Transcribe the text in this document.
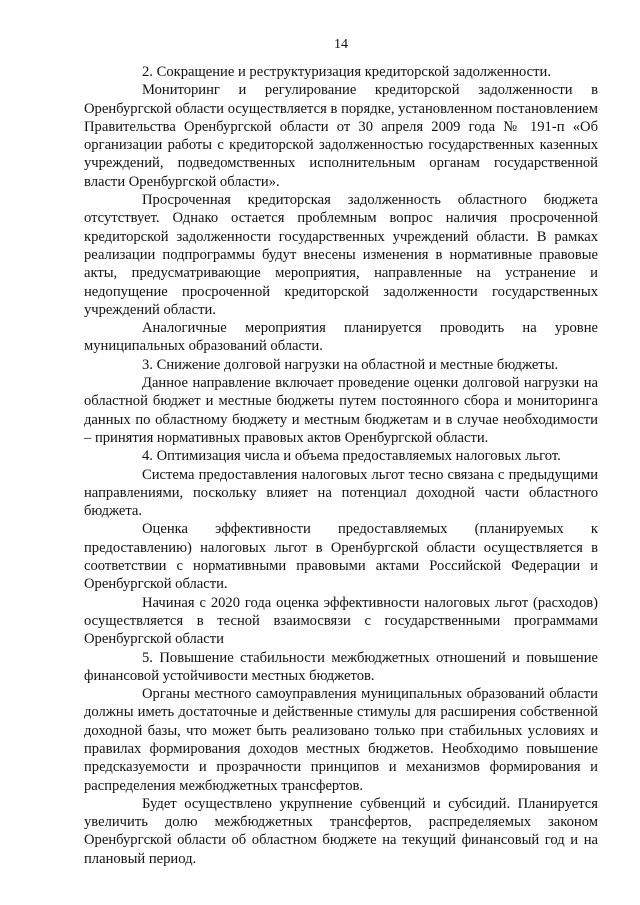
14

2. Сокращение и реструктуризация кредиторской задолженности.

Мониторинг и регулирование кредиторской задолженности в Оренбургской области осуществляется в порядке, установленном постановлением Правительства Оренбургской области от 30 апреля 2009 года № 191-п «Об организации работы с кредиторской задолженностью государственных казенных учреждений, подведомственных исполнительным органам государственной власти Оренбургской области».

Просроченная кредиторская задолженность областного бюджета отсутствует. Однако остается проблемным вопрос наличия просроченной кредиторской задолженности государственных учреждений области. В рамках реализации подпрограммы будут внесены изменения в нормативные правовые акты, предусматривающие мероприятия, направленные на устранение и недопущение просроченной кредиторской задолженности государственных учреждений области.

Аналогичные мероприятия планируется проводить на уровне муниципальных образований области.

3. Снижение долговой нагрузки на областной и местные бюджеты.

Данное направление включает проведение оценки долговой нагрузки на областной бюджет и местные бюджеты путем постоянного сбора и мониторинга данных по областному бюджету и местным бюджетам и в случае необходимости – принятия нормативных правовых актов Оренбургской области.

4. Оптимизация числа и объема предоставляемых налоговых льгот.

Система предоставления налоговых льгот тесно связана с предыдущими направлениями, поскольку влияет на потенциал доходной части областного бюджета.

Оценка эффективности предоставляемых (планируемых к предоставлению) налоговых льгот в Оренбургской области осуществляется в соответствии с нормативными правовыми актами Российской Федерации и Оренбургской области.

Начиная с 2020 года оценка эффективности налоговых льгот (расходов) осуществляется в тесной взаимосвязи с государственными программами Оренбургской области

5. Повышение стабильности межбюджетных отношений и повышение финансовой устойчивости местных бюджетов.

Органы местного самоуправления муниципальных образований области должны иметь достаточные и действенные стимулы для расширения собственной доходной базы, что может быть реализовано только при стабильных условиях и правилах формирования доходов местных бюджетов. Необходимо повышение предсказуемости и прозрачности принципов и механизмов формирования и распределения межбюджетных трансфертов.

Будет осуществлено укрупнение субвенций и субсидий. Планируется увеличить долю межбюджетных трансфертов, распределяемых законом Оренбургской области об областном бюджете на текущий финансовый год и на плановый период.
